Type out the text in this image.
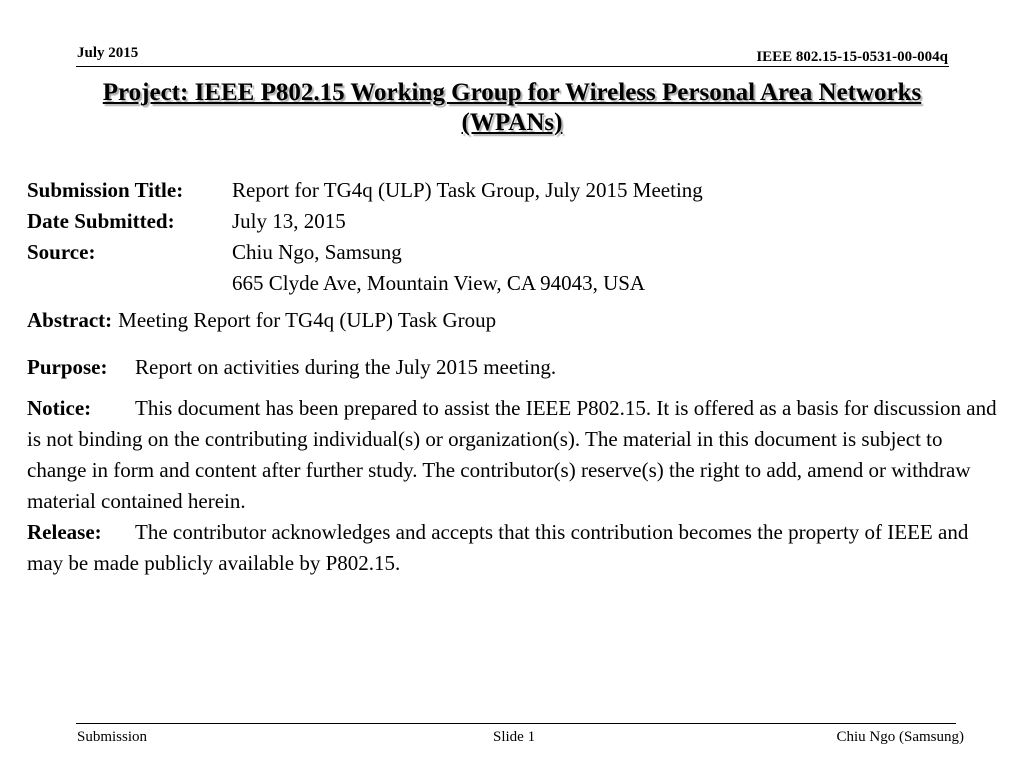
July 2015	IEEE 802.15-15-0531-00-004q
Project: IEEE P802.15 Working Group for Wireless Personal Area Networks
(WPANs)
Submission Title:	Report for TG4q (ULP) Task Group, July 2015 Meeting
Date Submitted:	July 13, 2015
Source:	Chiu Ngo, Samsung
665 Clyde Ave, Mountain View, CA 94043, USA
Abstract: Meeting Report for TG4q (ULP) Task Group
Purpose: Report on activities during the July 2015 meeting.
Notice: This document has been prepared to assist the IEEE P802.15. It is offered as a basis for discussion and is not binding on the contributing individual(s) or organization(s). The material in this document is subject to change in form and content after further study. The contributor(s) reserve(s) the right to add, amend or withdraw material contained herein.
Release: The contributor acknowledges and accepts that this contribution becomes the property of IEEE and may be made publicly available by P802.15.
Submission	Slide 1	Chiu Ngo (Samsung)
